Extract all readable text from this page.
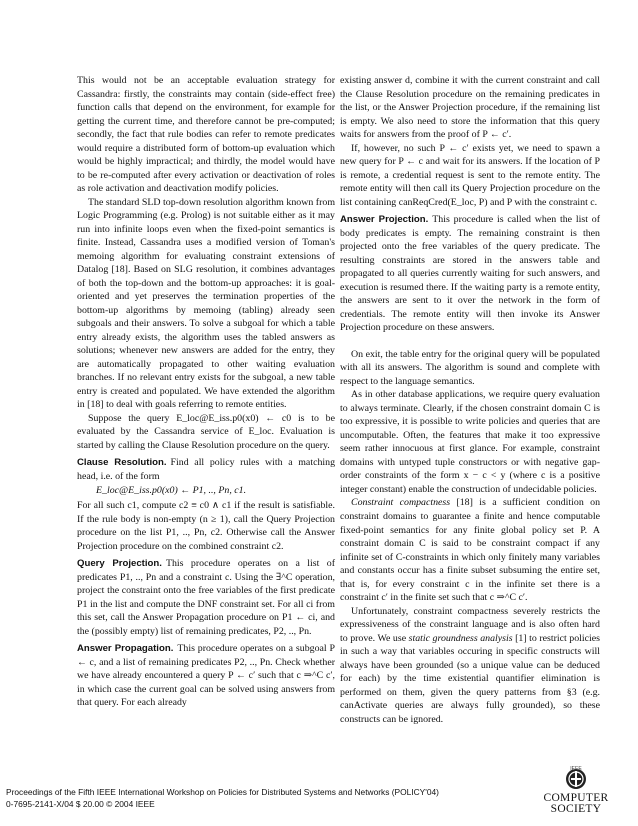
This would not be an acceptable evaluation strategy for Cassandra: firstly, the constraints may contain (side-effect free) function calls that depend on the environment, for example for getting the current time, and therefore cannot be pre-computed; secondly, the fact that rule bodies can refer to remote predicates would require a distributed form of bottom-up evaluation which would be highly impractical; and thirdly, the model would have to be re-computed after every activation or deactivation of roles as role activation and deactivation modify policies.

The standard SLD top-down resolution algorithm known from Logic Programming (e.g. Prolog) is not suitable either as it may run into infinite loops even when the fixed-point semantics is finite. Instead, Cassandra uses a modified version of Toman's memoing algorithm for evaluating constraint extensions of Datalog [18]. Based on SLG resolution, it combines advantages of both the top-down and the bottom-up approaches: it is goal-oriented and yet preserves the termination properties of the bottom-up algorithms by memoing (tabling) already seen subgoals and their answers. To solve a subgoal for which a table entry already exists, the algorithm uses the tabled answers as solutions; whenever new answers are added for the entry, they are automatically propagated to other waiting evaluation branches. If no relevant entry exists for the subgoal, a new table entry is created and populated. We have extended the algorithm in [18] to deal with goals referring to remote entities.

Suppose the query E_loc@E_iss.p0(x0) ← c0 is to be evaluated by the Cassandra service of E_loc. Evaluation is started by calling the Clause Resolution procedure on the query.

Clause Resolution. Find all policy rules with a matching head, i.e. of the form

E_loc@E_iss.p0(x0) ← P1, .., Pn, c1.

For all such c1, compute c2 ≡ c0 ∧ c1 if the result is satisfiable. If the rule body is non-empty (n ≥ 1), call the Query Projection procedure on the list P1, .., Pn, c2. Otherwise call the Answer Projection procedure on the combined constraint c2.

Query Projection. This procedure operates on a list of predicates P1, .., Pn and a constraint c. Using the ∃^C operation, project the constraint onto the free variables of the first predicate P1 in the list and compute the DNF constraint set. For all ci from this set, call the Answer Propagation procedure on P1 ← ci, and the (possibly empty) list of remaining predicates, P2, .., Pn.

Answer Propagation. This procedure operates on a subgoal P ← c, and a list of remaining predicates P2, .., Pn. Check whether we have already encountered a query P ← c′ such that c ⇒^C c′, in which case the current goal can be solved using answers from that query. For each already

existing answer d, combine it with the current constraint and call the Clause Resolution procedure on the remaining predicates in the list, or the Answer Projection procedure, if the remaining list is empty. We also need to store the information that this query waits for answers from the proof of P ← c′.

If, however, no such P ← c′ exists yet, we need to spawn a new query for P ← c and wait for its answers. If the location of P is remote, a credential request is sent to the remote entity. The remote entity will then call its Query Projection procedure on the list containing canReqCred(E_loc, P) and P with the constraint c.

Answer Projection. This procedure is called when the list of body predicates is empty. The remaining constraint is then projected onto the free variables of the query predicate. The resulting constraints are stored in the answers table and propagated to all queries currently waiting for such answers, and execution is resumed there. If the waiting party is a remote entity, the answers are sent to it over the network in the form of credentials. The remote entity will then invoke its Answer Projection procedure on these answers.

On exit, the table entry for the original query will be populated with all its answers. The algorithm is sound and complete with respect to the language semantics.

As in other database applications, we require query evaluation to always terminate. Clearly, if the chosen constraint domain C is too expressive, it is possible to write policies and queries that are uncomputable. Often, the features that make it too expressive seem rather innocuous at first glance. For example, constraint domains with untyped tuple constructors or with negative gap-order constraints of the form x − c < y (where c is a positive integer constant) enable the construction of undecidable policies.

Constraint compactness [18] is a sufficient condition on constraint domains to guarantee a finite and hence computable fixed-point semantics for any finite global policy set P. A constraint domain C is said to be constraint compact if any infinite set of C-constraints in which only finitely many variables and constants occur has a finite subset subsuming the entire set, that is, for every constraint c in the infinite set there is a constraint c′ in the finite set such that c ⇒^C c′.

Unfortunately, constraint compactness severely restricts the expressiveness of the constraint language and is also often hard to prove. We use static groundness analysis [1] to restrict policies in such a way that variables occuring in specific constructs will always have been grounded (so a unique value can be deduced for each) by the time existential quantifier elimination is performed on them, given the query patterns from §3 (e.g. canActivate queries are always fully grounded), so these constructs can be ignored.

Proceedings of the Fifth IEEE International Workshop on Policies for Distributed Systems and Networks (POLICY'04)
0-7695-2141-X/04 $ 20.00 © 2004 IEEE
IEEE
COMPUTER
SOCIETY
